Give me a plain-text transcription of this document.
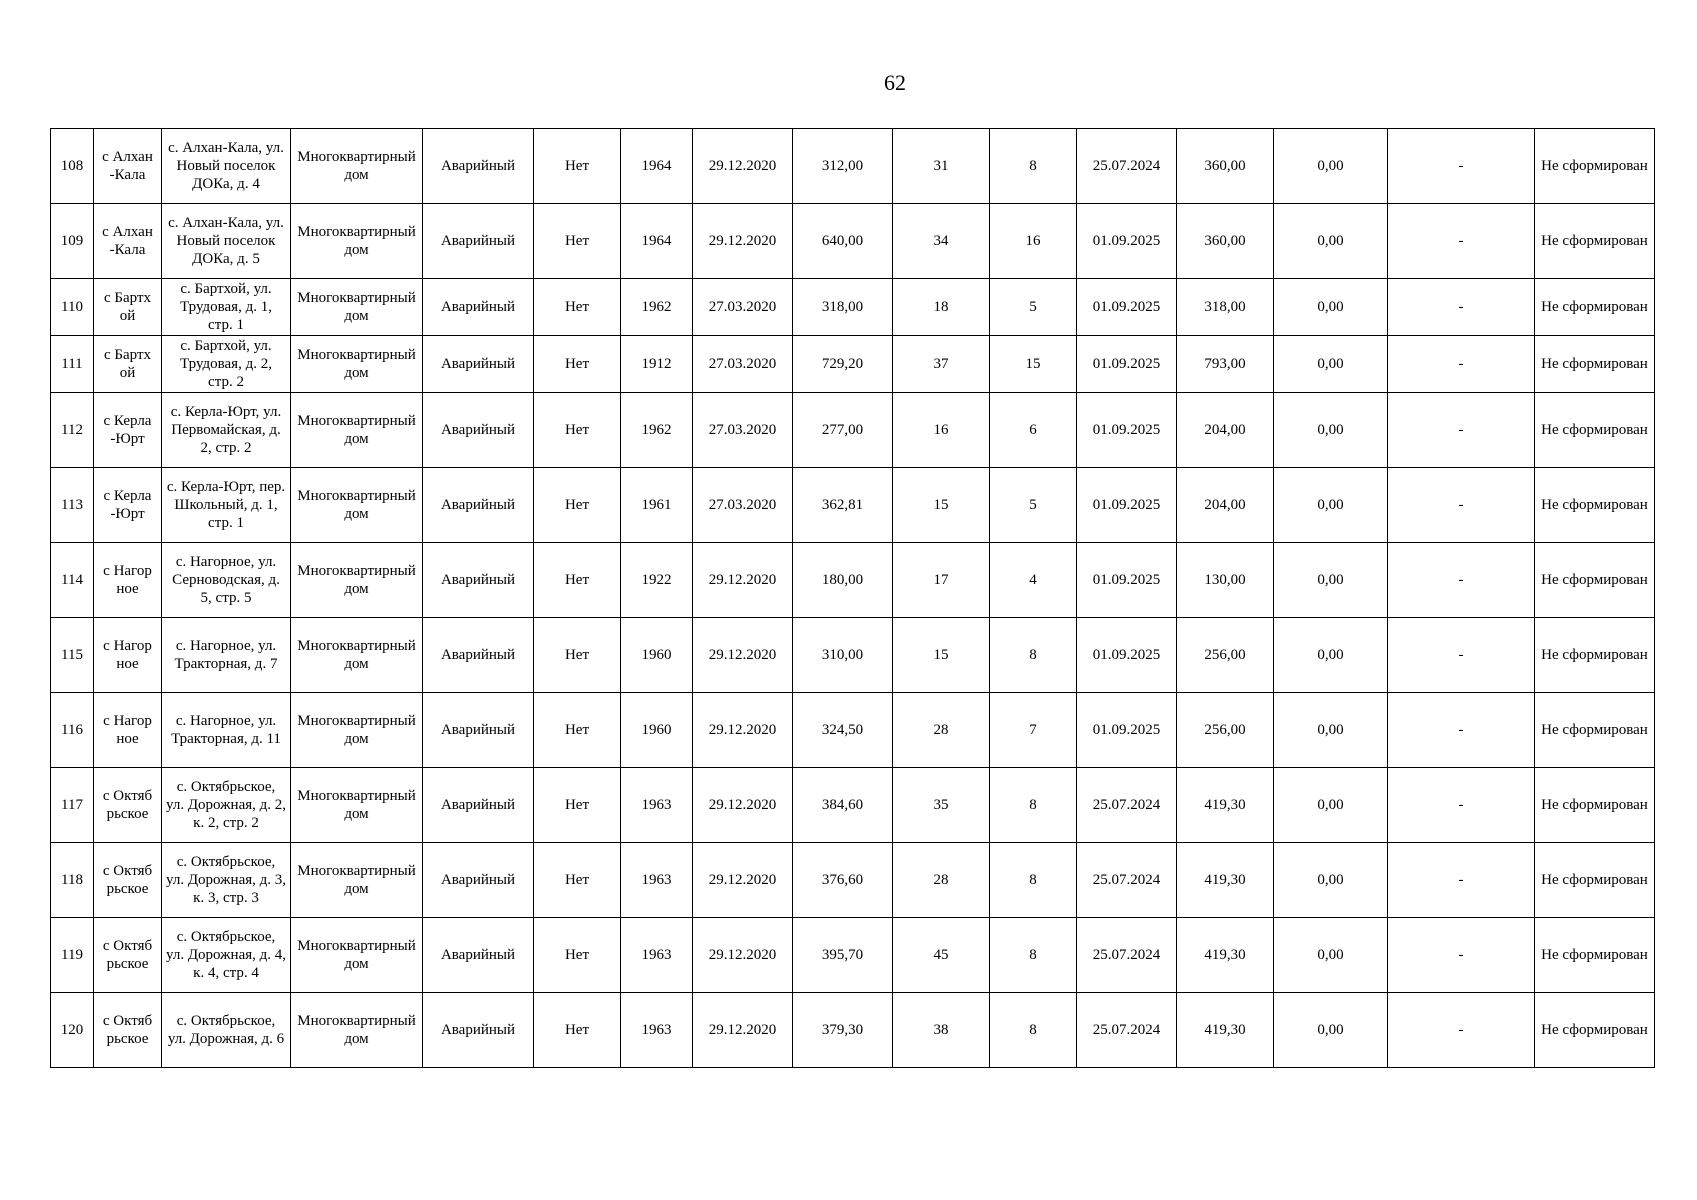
62
108	с Алхан -Кала	с. Алхан-Кала, ул. Новый поселок ДОКа, д. 4	Многоквартирный дом	Аварийный	Нет	1964	29.12.2020	312,00	31	8	25.07.2024	360,00	0,00	-	Не сформирован
109	с Алхан -Кала	с. Алхан-Кала, ул. Новый поселок ДОКа, д. 5	Многоквартирный дом	Аварийный	Нет	1964	29.12.2020	640,00	34	16	01.09.2025	360,00	0,00	-	Не сформирован
110	с Бартх ой	с. Бартхой, ул. Трудовая, д. 1, стр. 1	Многоквартирный дом	Аварийный	Нет	1962	27.03.2020	318,00	18	5	01.09.2025	318,00	0,00	-	Не сформирован
111	с Бартх ой	с. Бартхой, ул. Трудовая, д. 2, стр. 2	Многоквартирный дом	Аварийный	Нет	1912	27.03.2020	729,20	37	15	01.09.2025	793,00	0,00	-	Не сформирован
112	с Керла -Юрт	с. Керла-Юрт, ул. Первомайская, д. 2, стр. 2	Многоквартирный дом	Аварийный	Нет	1962	27.03.2020	277,00	16	6	01.09.2025	204,00	0,00	-	Не сформирован
113	с Керла -Юрт	с. Керла-Юрт, пер. Школьный, д. 1, стр. 1	Многоквартирный дом	Аварийный	Нет	1961	27.03.2020	362,81	15	5	01.09.2025	204,00	0,00	-	Не сформирован
114	с Нагор ное	с. Нагорное, ул. Серноводская, д. 5, стр. 5	Многоквартирный дом	Аварийный	Нет	1922	29.12.2020	180,00	17	4	01.09.2025	130,00	0,00	-	Не сформирован
115	с Нагор ное	с. Нагорное, ул. Тракторная, д. 7	Многоквартирный дом	Аварийный	Нет	1960	29.12.2020	310,00	15	8	01.09.2025	256,00	0,00	-	Не сформирован
116	с Нагор ное	с. Нагорное, ул. Тракторная, д. 11	Многоквартирный дом	Аварийный	Нет	1960	29.12.2020	324,50	28	7	01.09.2025	256,00	0,00	-	Не сформирован
117	с Октяб рьское	с. Октябрьское, ул. Дорожная, д. 2, к. 2, стр. 2	Многоквартирный дом	Аварийный	Нет	1963	29.12.2020	384,60	35	8	25.07.2024	419,30	0,00	-	Не сформирован
118	с Октяб рьское	с. Октябрьское, ул. Дорожная, д. 3, к. 3, стр. 3	Многоквартирный дом	Аварийный	Нет	1963	29.12.2020	376,60	28	8	25.07.2024	419,30	0,00	-	Не сформирован
119	с Октяб рьское	с. Октябрьское, ул. Дорожная, д. 4, к. 4, стр. 4	Многоквартирный дом	Аварийный	Нет	1963	29.12.2020	395,70	45	8	25.07.2024	419,30	0,00	-	Не сформирован
120	с Октяб рьское	с. Октябрьское, ул. Дорожная, д. 6	Многоквартирный дом	Аварийный	Нет	1963	29.12.2020	379,30	38	8	25.07.2024	419,30	0,00	-	Не сформирован
